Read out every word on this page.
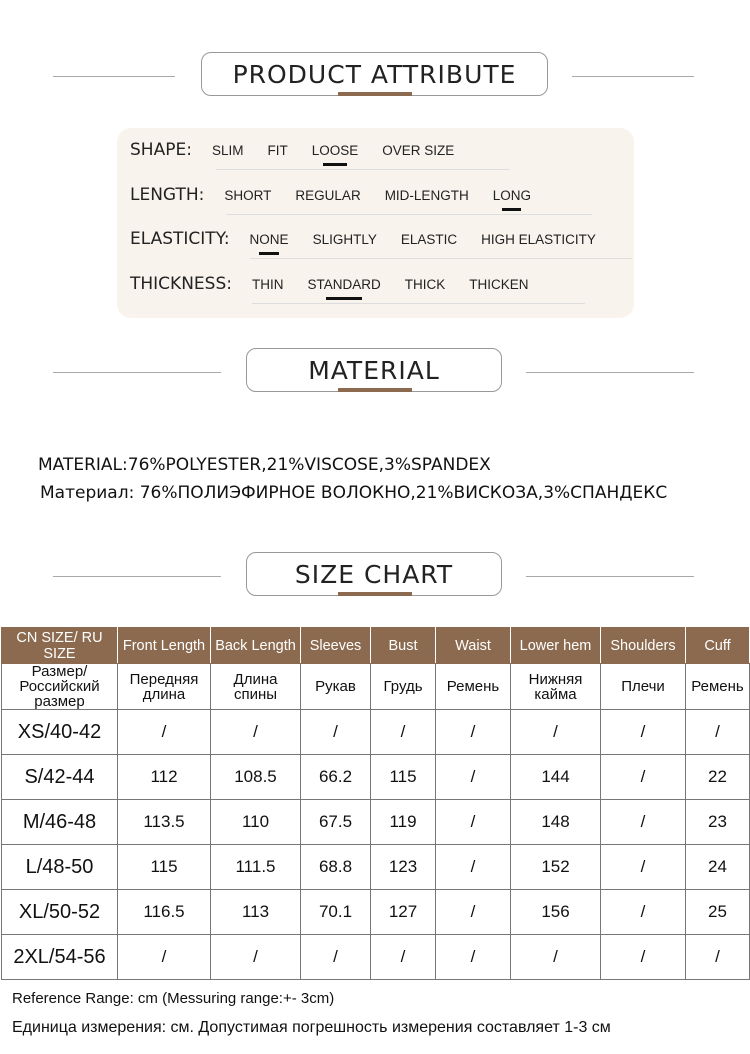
PRODUCT ATTRIBUTE
SHAPE: SLIM FIT LOOSE OVER SIZE
LENGTH: SHORT REGULAR MID-LENGTH LONG
ELASTICITY: NONE SLIGHTLY ELASTIC HIGH ELASTICITY
THICKNESS: THIN STANDARD THICK THICKEN
MATERIAL
MATERIAL:76%POLYESTER,21%VISCOSE,3%SPANDEX
Материал: 76%ПОЛИЭФИРНОЕ ВОЛОКНО,21%ВИСКОЗА,3%СПАНДЕКС
SIZE CHART
CN SIZE/ RU SIZE	Front Length	Back Length	Sleeves	Bust	Waist	Lower hem	Shoulders	Cuff
Размер/ Российский размер	Передняя длина	Длина спины	Рукав	Грудь	Ремень	Нижняя кайма	Плечи	Ремень
XS/40-42	/	/	/	/	/	/	/	/
S/42-44	112	108.5	66.2	115	/	144	/	22
M/46-48	113.5	110	67.5	119	/	148	/	23
L/48-50	115	111.5	68.8	123	/	152	/	24
XL/50-52	116.5	113	70.1	127	/	156	/	25
2XL/54-56	/	/	/	/	/	/	/	/
Reference Range: cm (Messuring range:+- 3cm)
Единица измерения: см. Допустимая погрешность измерения составляет 1-3 см
